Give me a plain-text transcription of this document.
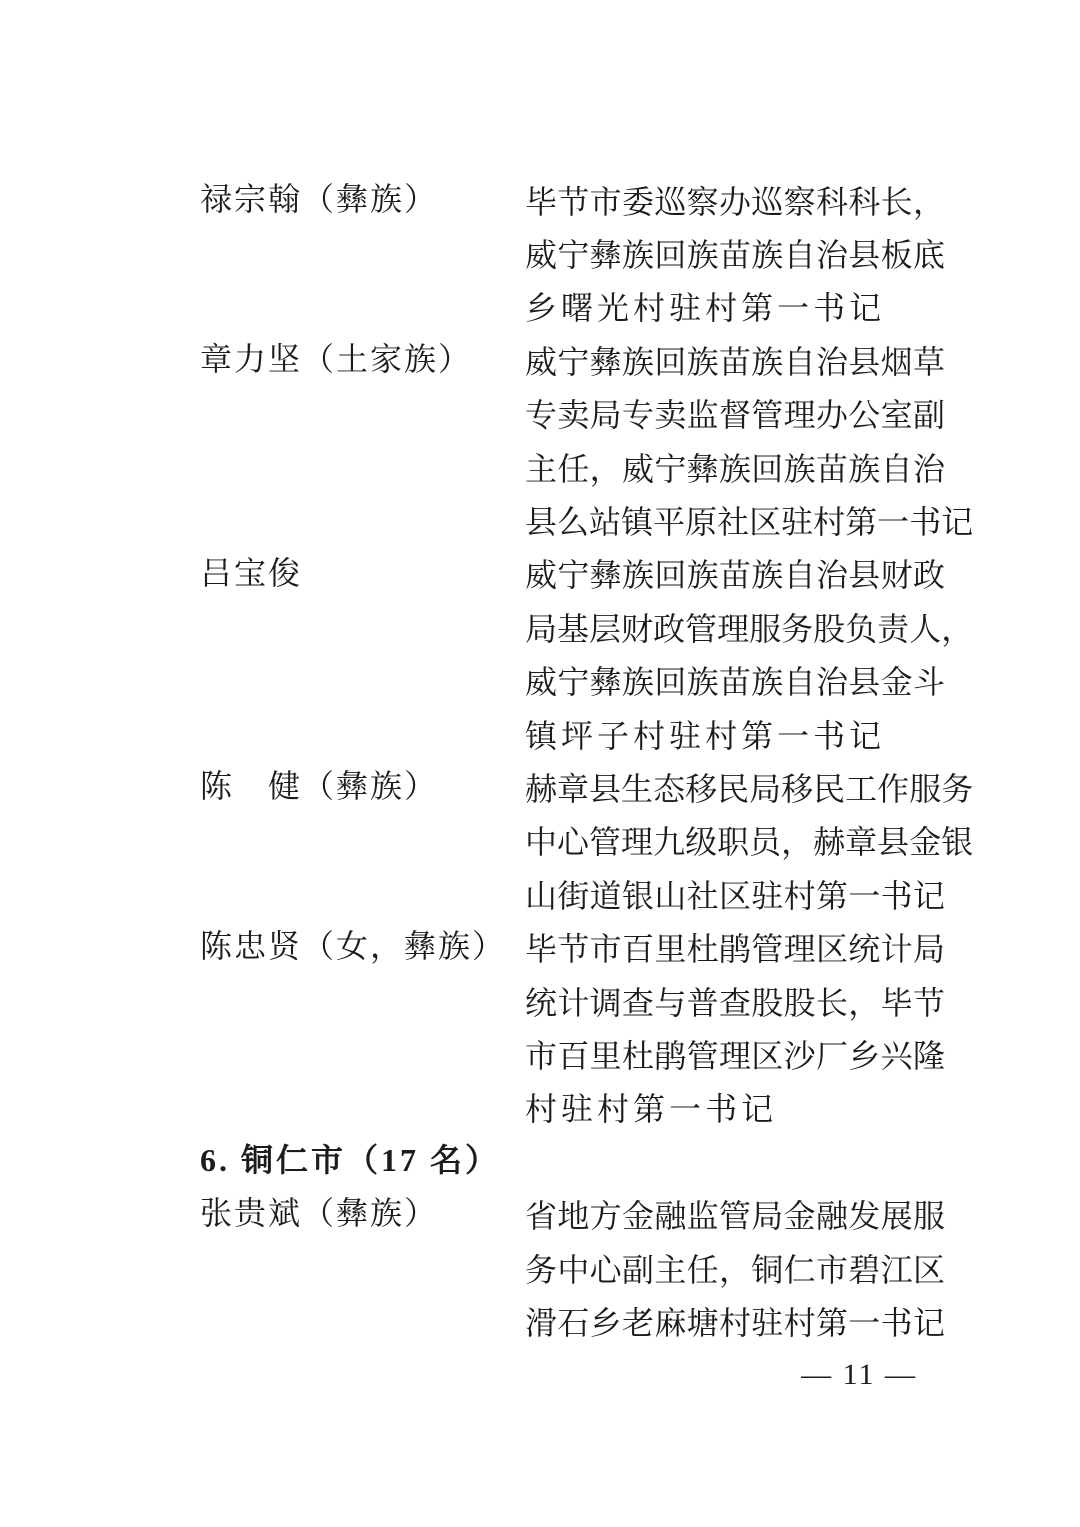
禄宗翰（彝族）	毕 节 市 委 巡 察 办 巡 察 科 科 长 ，
威 宁 彝 族 回 族 苗 族 自 治 县 板 底
乡 曙 光 村 驻 村 第 一 书 记
章力坚（土家族）	威 宁 彝 族 回 族 苗 族 自 治 县 烟 草
专 卖 局 专 卖 监 督 管 理 办 公 室 副
主 任 ， 威 宁 彝 族 回 族 苗 族 自 治
县 么 站 镇 平 原 社 区 驻 村 第 一 书 记
吕宝俊	威 宁 彝 族 回 族 苗 族 自 治 县 财 政
局 基 层 财 政 管 理 服 务 股 负 责 人 ，
威 宁 彝 族 回 族 苗 族 自 治 县 金 斗
镇 坪 子 村 驻 村 第 一 书 记
陈　健（彝族）	赫 章 县 生 态 移 民 局 移 民 工 作 服 务
中 心 管 理 九 级 职 员 ， 赫 章 县 金 银
山 街 道 银 山 社 区 驻 村 第 一 书 记
陈忠贤（女，彝族） 毕 节 市 百 里 杜 鹃 管 理 区 统 计 局
统 计 调 查 与 普 查 股 股 长 ， 毕 节
市 百 里 杜 鹃 管 理 区 沙 厂 乡 兴 隆
村 驻 村 第 一 书 记
6. 铜仁市（17 名）
张贵斌（彝族）	省 地 方 金 融 监 管 局 金 融 发 展 服
务 中 心 副 主 任 ， 铜 仁 市 碧 江 区
滑 石 乡 老 麻 塘 村 驻 村 第 一 书 记
— 11 —
